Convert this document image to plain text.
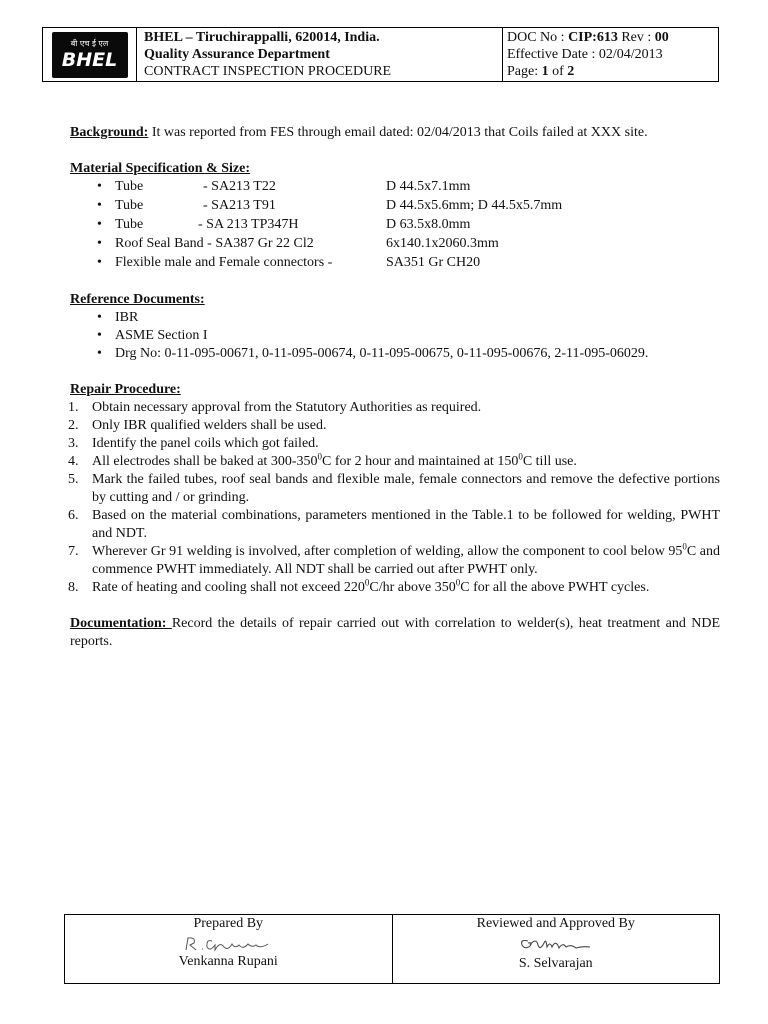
बी एच ई एल
BHEL
BHEL – Tiruchirappalli, 620014, India.
Quality Assurance Department
CONTRACT INSPECTION PROCEDURE
DOC No : CIP:613 Rev : 00
Effective Date : 02/04/2013
Page: 1 of 2

Background: It was reported from FES through email dated: 02/04/2013 that Coils failed at XXX site.

Material Specification & Size:
• Tube	- SA213 T22	D 44.5x7.1mm
• Tube	- SA213 T91	D 44.5x5.6mm; D 44.5x5.7mm
• Tube	- SA 213 TP347H	D 63.5x8.0mm
• Roof Seal Band - SA387 Gr 22 Cl2	6x140.1x2060.3mm
• Flexible male and Female connectors -	SA351 Gr CH20
Reference Documents:
• IBR
• ASME Section I
• Drg No: 0-11-095-00671, 0-11-095-00674, 0-11-095-00675, 0-11-095-00676, 2-11-095-06029.
Repair Procedure:
1. Obtain necessary approval from the Statutory Authorities as required.
2. Only IBR qualified welders shall be used.
3. Identify the panel coils which got failed.
4. All electrodes shall be baked at $300-350^0C$ for 2 hour and maintained at $150^0C$ till use.
5. Mark the failed tubes, roof seal bands and flexible male, female connectors and remove the defective portions by cutting and / or grinding.
6. Based on the material combinations, parameters mentioned in the Table.1 to be followed for welding, PWHT and NDT.
7. Wherever Gr 91 welding is involved, after completion of welding, allow the component to cool below $95^0C$ and commence PWHT immediately. All NDT shall be carried out after PWHT only.
8. Rate of heating and cooling shall not exceed $220^0C/hr$ above $350^0C$ for all the above PWHT cycles.

Documentation: Record the details of repair carried out with correlation to welder(s), heat treatment and NDE reports.

Prepared By
Venkanna Rupani
Reviewed and Approved By
S. Selvarajan
